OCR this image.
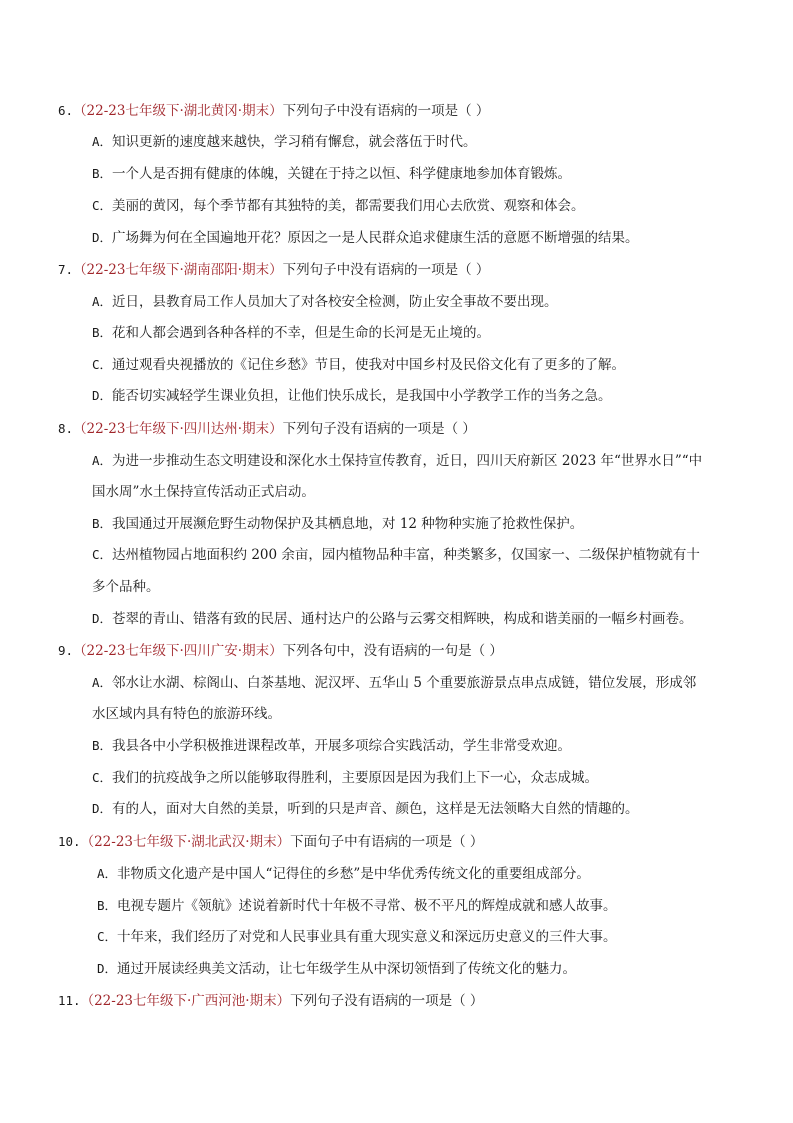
6.（22-23七年级下·湖北黄冈·期末）下列句子中没有语病的一项是（ ）
A．知识更新的速度越来越快，学习稍有懈怠，就会落伍于时代。
B．一个人是否拥有健康的体魄，关键在于持之以恒、科学健康地参加体育锻炼。
C．美丽的黄冈，每个季节都有其独特的美，都需要我们用心去欣赏、观察和体会。
D．广场舞为何在全国遍地开花？原因之一是人民群众追求健康生活的意愿不断增强的结果。
7.（22-23七年级下·湖南邵阳·期末）下列句子中没有语病的一项是（ ）
A．近日，县教育局工作人员加大了对各校安全检测，防止安全事故不要出现。
B．花和人都会遇到各种各样的不幸，但是生命的长河是无止境的。
C．通过观看央视播放的《记住乡愁》节目，使我对中国乡村及民俗文化有了更多的了解。
D．能否切实减轻学生课业负担，让他们快乐成长，是我国中小学教学工作的当务之急。
8.（22-23七年级下·四川达州·期末）下列句子没有语病的一项是（ ）
A．为进一步推动生态文明建设和深化水土保持宣传教育，近日，四川天府新区 2023 年“世界水日”“中
国水周”水土保持宣传活动正式启动。
B．我国通过开展濒危野生动物保护及其栖息地，对 12 种物种实施了抢救性保护。
C．达州植物园占地面积约 200 余亩，园内植物品种丰富，种类繁多，仅国家一、二级保护植物就有十
多个品种。
D．苍翠的青山、错落有致的民居、通村达户的公路与云雾交相辉映，构成和谐美丽的一幅乡村画卷。
9.（22-23七年级下·四川广安·期末）下列各句中，没有语病的一句是（ ）
A．邻水让水湖、棕阁山、白茶基地、泥汉坪、五华山 5 个重要旅游景点串点成链，错位发展，形成邻
水区域内具有特色的旅游环线。
B．我县各中小学积极推进课程改革，开展多项综合实践活动，学生非常受欢迎。
C．我们的抗疫战争之所以能够取得胜利，主要原因是因为我们上下一心，众志成城。
D．有的人，面对大自然的美景，听到的只是声音、颜色，这样是无法领略大自然的情趣的。
10.（22-23七年级下·湖北武汉·期末）下面句子中有语病的一项是（ ）
A．非物质文化遗产是中国人“记得住的乡愁”是中华优秀传统文化的重要组成部分。
B．电视专题片《领航》述说着新时代十年极不寻常、极不平凡的辉煌成就和感人故事。
C．十年来，我们经历了对党和人民事业具有重大现实意义和深远历史意义的三件大事。
D．通过开展读经典美文活动，让七年级学生从中深切领悟到了传统文化的魅力。
11.（22-23七年级下·广西河池·期末）下列句子没有语病的一项是（ ）
